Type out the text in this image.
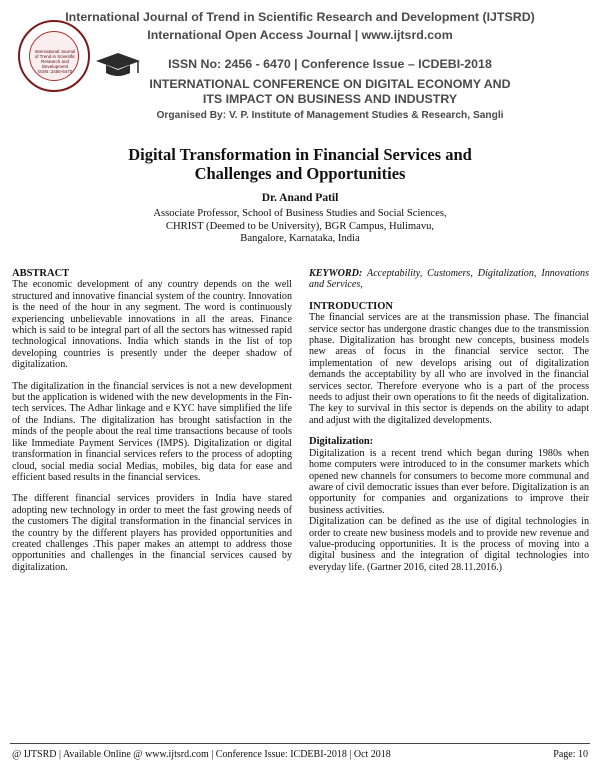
International Journal
of Trend in Scientific
Research and
Development
ISSN: 2456-6470
International Journal of Trend in Scientific Research and Development (IJTSRD)
International Open Access Journal | www.ijtsrd.com
ISSN No: 2456 - 6470 | Conference Issue – ICDEBI-2018
INTERNATIONAL CONFERENCE ON DIGITAL ECONOMY AND
ITS IMPACT ON BUSINESS AND INDUSTRY
Organised By: V. P. Institute of Management Studies & Research, Sangli
Digital Transformation in Financial Services and
Challenges and Opportunities
Dr. Anand Patil
Associate Professor, School of Business Studies and Social Sciences,
CHRIST (Deemed to be University), BGR Campus, Hulimavu,
Bangalore, Karnataka, India
ABSTRACT

The economic development of any country depends on the well structured and innovative financial system of the country. Innovation is the need of the hour in any segment. The word is continuously experiencing unbelievable innovations in all the areas. Finance which is said to be integral part of all the sectors has witnessed rapid technological innovations. India which stands in the list of top developing countries is presently under the deeper shadow of digitalization.

The digitalization in the financial services is not a new development but the application is widened with the new developments in the Fin-tech services. The Adhar linkage and e KYC have simplified the life of the Indians. The digitalization has brought satisfaction in the minds of the people about the real time transactions because of tools like Immediate Payment Services (IMPS). Digitalization or digital transformation in financial services refers to the process of adopting cloud, social media social Medias, mobiles, big data for ease and efficient based results in the financial services.

The different financial services providers in India have stared adopting new technology in order to meet the fast growing needs of the customers The digital transformation in the financial services in the country by the different players has provided opportunities and created challenges .This paper makes an attempt to address those opportunities and challenges in the financial services caused by digitalization.

KEYWORD: Acceptability, Customers, Digitalization, Innovations and Services,

INTRODUCTION

The financial services are at the transmission phase. The financial service sector has undergone drastic changes due to the transmission phase. Digitalization has brought new concepts, business models new areas of focus in the financial service sector. The implementation of new develops arising out of digitalization demands the acceptability by all who are involved in the financial services sector. Therefore everyone who is a part of the process needs to adjust their own operations to fit the needs of digitalization. The key to survival in this sector is depends on the ability to adapt and adjust with the digitalized developments.

Digitalization:

Digitalization is a recent trend which began during 1980s when home computers were introduced to in the consumer markets which opened new channels for consumers to become more communal and aware of civil democratic issues than ever before. Digitalization is an opportunity for companies and organizations to improve their business activities.

Digitalization can be defined as the use of digital technologies in order to create new business models and to provide new revenue and value-producing opportunities. It is the process of moving into a digital business and the integration of digital technologies into everyday life. (Gartner 2016, cited 28.11.2016.)

@ IJTSRD | Available Online @ www.ijtsrd.com | Conference Issue: ICDEBI-2018 | Oct 2018	Page: 10
